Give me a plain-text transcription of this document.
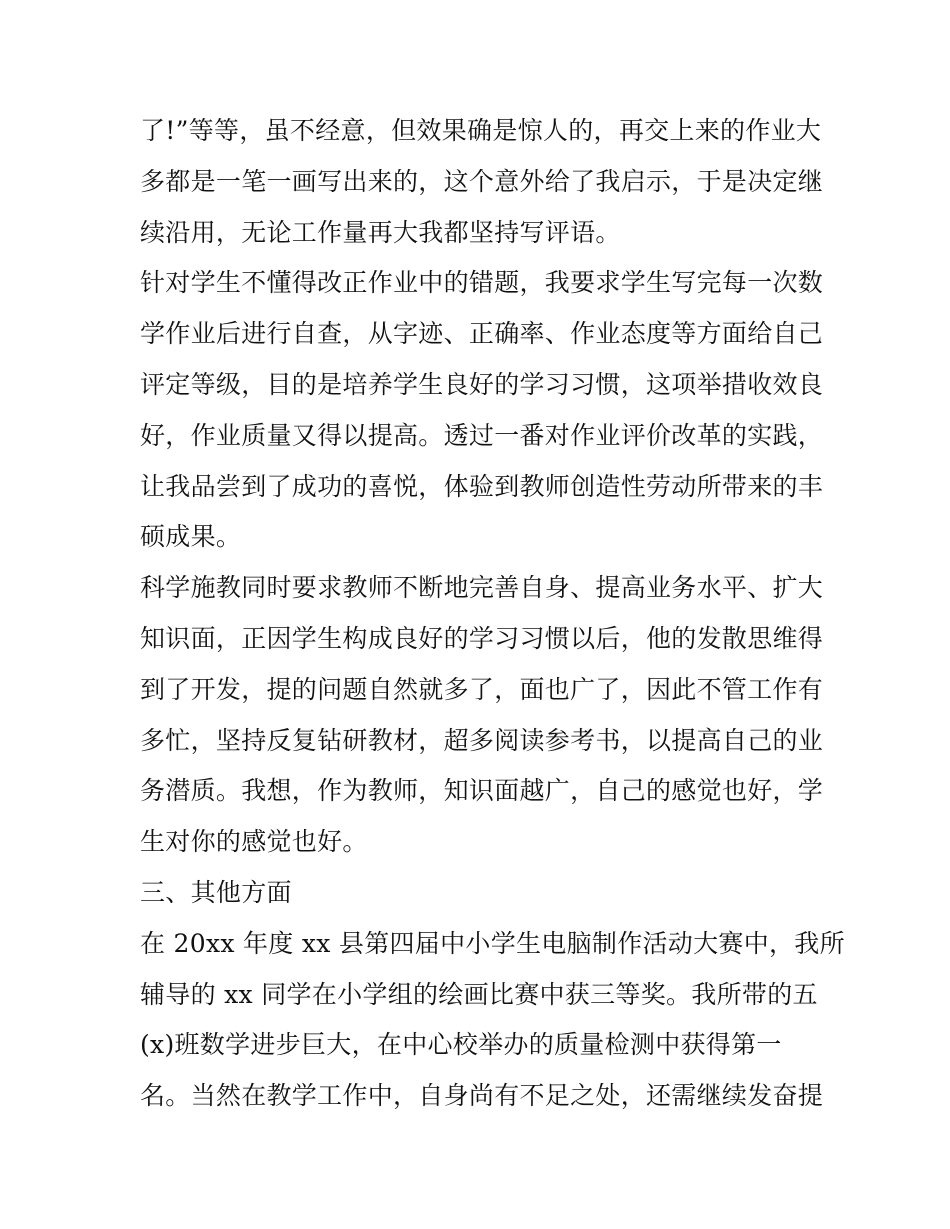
了!”等等，虽不经意，但效果确是惊人的，再交上来的作业大
多都是一笔一画写出来的，这个意外给了我启示，于是决定继
续沿用，无论工作量再大我都坚持写评语。
针对学生不懂得改正作业中的错题，我要求学生写完每一次数
学作业后进行自查，从字迹、正确率、作业态度等方面给自己
评定等级，目的是培养学生良好的学习习惯，这项举措收效良
好，作业质量又得以提高。透过一番对作业评价改革的实践，
让我品尝到了成功的喜悦，体验到教师创造性劳动所带来的丰
硕成果。
科学施教同时要求教师不断地完善自身、提高业务水平、扩大
知识面，正因学生构成良好的学习习惯以后，他的发散思维得
到了开发，提的问题自然就多了，面也广了，因此不管工作有
多忙，坚持反复钻研教材，超多阅读参考书，以提高自己的业
务潜质。我想，作为教师，知识面越广，自己的感觉也好，学
生对你的感觉也好。
三、其他方面
在 20xx 年度 xx 县第四届中小学生电脑制作活动大赛中，我所
辅导的 xx 同学在小学组的绘画比赛中获三等奖。我所带的五
(x)班数学进步巨大，在中心校举办的质量检测中获得第一
名。当然在教学工作中，自身尚有不足之处，还需继续发奋提
